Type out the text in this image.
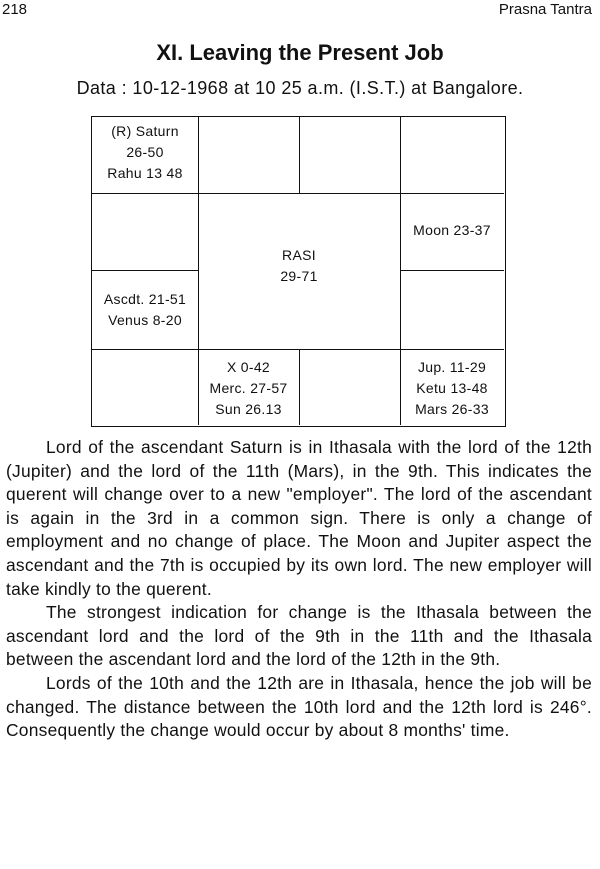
218	Prasna Tantra
XI. Leaving the Present Job
Data : 10-12-1968 at 10 25 a.m. (I.S.T.) at Bangalore.
(R) Saturn
26-50
Rahu 13 48
RASI
29-71
Moon 23-37
Ascdt. 21-51
Venus 8-20
X 0-42
Merc. 27-57
Sun 26.13
Jup. 11-29
Ketu 13-48
Mars 26-33

Lord of the ascendant Saturn is in Ithasala with the lord of the 12th (Jupiter) and the lord of the 11th (Mars), in the 9th. This indicates the querent will change over to a new "employer". The lord of the ascendant is again in the 3rd in a common sign. There is only a change of employment and no change of place. The Moon and Jupiter aspect the ascendant and the 7th is occupied by its own lord. The new employer will take kindly to the querent.

The strongest indication for change is the Ithasala between the ascendant lord and the lord of the 9th in the 11th and the Ithasala between the ascendant lord and the lord of the 12th in the 9th.

Lords of the 10th and the 12th are in Ithasala, hence the job will be changed. The distance between the 10th lord and the 12th lord is 246°. Consequently the change would occur by about 8 months' time.
